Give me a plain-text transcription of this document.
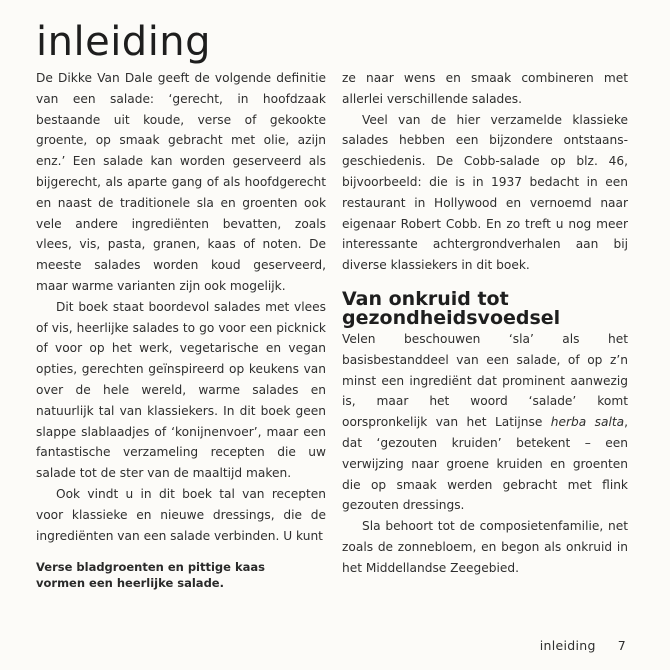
inleiding

De Dikke Van Dale geeft de volgende definitie van een salade: ‘gerecht, in hoofdzaak bestaande uit koude, verse of gekookte groente, op smaak gebracht met olie, azijn enz.’ Een salade kan worden geserveerd als bijgerecht, als aparte gang of als hoofdgerecht en naast de traditionele sla en groenten ook vele andere ingrediënten bevatten, zoals vlees, vis, pasta, granen, kaas of noten. De meeste salades worden koud geserveerd, maar warme varianten zijn ook mogelijk.

Dit boek staat boordevol salades met vlees of vis, heerlijke salades to go voor een picknick of voor op het werk, vegetarische en vegan opties, gerechten geïnspireerd op keukens van over de hele wereld, warme salades en natuurlijk tal van klassiekers. In dit boek geen slappe slablaadjes of ‘konijnenvoer’, maar een fantastische verzameling recepten die uw salade tot de ster van de maaltijd maken.

Ook vindt u in dit boek tal van recepten voor klassieke en nieuwe dressings, die de ingrediënten van een salade verbinden. U kunt

ze naar wens en smaak combineren met allerlei verschillende salades.

Veel van de hier verzamelde klassieke salades hebben een bijzondere ontstaans-geschiedenis. De Cobb-salade op blz. 46, bijvoorbeeld: die is in 1937 bedacht in een restaurant in Hollywood en vernoemd naar eigenaar Robert Cobb. En zo treft u nog meer interessante achtergrondverhalen aan bij diverse klassiekers in dit boek.

Van onkruid tot gezondheidsvoedsel

Velen beschouwen ‘sla’ als het basisbestanddeel van een salade, of op z’n minst een ingrediënt dat prominent aanwezig is, maar het woord ‘salade’ komt oorspronkelijk van het Latijnse herba salta, dat ‘gezouten kruiden’ betekent – een verwijzing naar groene kruiden en groenten die op smaak werden gebracht met flink gezouten dressings.

Sla behoort tot de composietenfamilie, net zoals de zonnebloem, en begon als onkruid in het Middellandse Zeegebied.

Verse bladgroenten en pittige kaas vormen een heerlijke salade.

inleiding 7
